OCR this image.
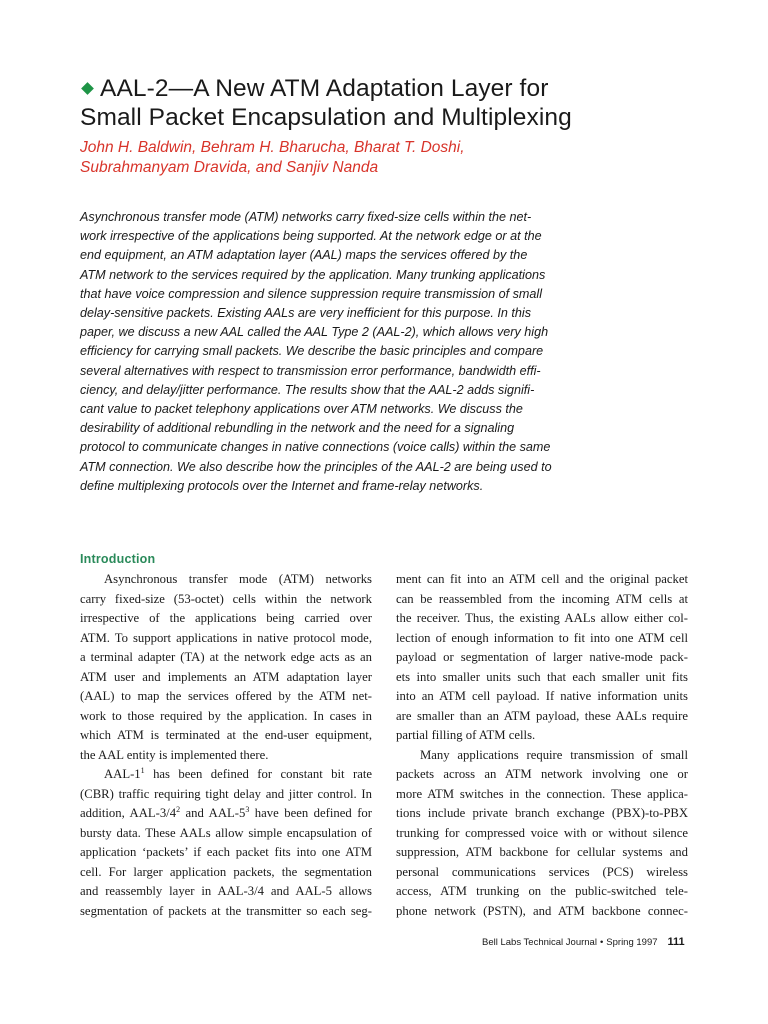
AAL-2—A New ATM Adaptation Layer for
Small Packet Encapsulation and Multiplexing
John H. Baldwin, Behram H. Bharucha, Bharat T. Doshi,
Subrahmanyam Dravida, and Sanjiv Nanda
Asynchronous transfer mode (ATM) networks carry fixed-size cells within the net-
work irrespective of the applications being supported. At the network edge or at the
end equipment, an ATM adaptation layer (AAL) maps the services offered by the
ATM network to the services required by the application. Many trunking applications
that have voice compression and silence suppression require transmission of small
delay-sensitive packets. Existing AALs are very inefficient for this purpose. In this
paper, we discuss a new AAL called the AAL Type 2 (AAL-2), which allows very high
efficiency for carrying small packets. We describe the basic principles and compare
several alternatives with respect to transmission error performance, bandwidth effi-
ciency, and delay/jitter performance. The results show that the AAL-2 adds signifi-
cant value to packet telephony applications over ATM networks. We discuss the
desirability of additional rebundling in the network and the need for a signaling
protocol to communicate changes in native connections (voice calls) within the same
ATM connection. We also describe how the principles of the AAL-2 are being used to
define multiplexing protocols over the Internet and frame-relay networks.
Introduction
Asynchronous transfer mode (ATM) networks
carry fixed-size (53-octet) cells within the network
irrespective of the applications being carried over
ATM. To support applications in native protocol mode,
a terminal adapter (TA) at the network edge acts as an
ATM user and implements an ATM adaptation layer
(AAL) to map the services offered by the ATM net-
work to those required by the application. In cases in
which ATM is terminated at the end-user equipment,
the AAL entity is implemented there.
AAL-$1^1$ has been defined for constant bit rate
(CBR) traffic requiring tight delay and jitter control. In
addition, AAL-$3/4^2$ and AAL-$5^3$ have been defined for
bursty data. These AALs allow simple encapsulation of
application ‘packets’ if each packet fits into one ATM
cell. For larger application packets, the segmentation
and reassembly layer in AAL-3/4 and AAL-5 allows
segmentation of packets at the transmitter so each seg-
ment can fit into an ATM cell and the original packet
can be reassembled from the incoming ATM cells at
the receiver. Thus, the existing AALs allow either col-
lection of enough information to fit into one ATM cell
payload or segmentation of larger native-mode pack-
ets into smaller units such that each smaller unit fits
into an ATM cell payload. If native information units
are smaller than an ATM payload, these AALs require
partial filling of ATM cells.
Many applications require transmission of small
packets across an ATM network involving one or
more ATM switches in the connection. These applica-
tions include private branch exchange (PBX)-to-PBX
trunking for compressed voice with or without silence
suppression, ATM backbone for cellular systems and
personal communications services (PCS) wireless
access, ATM trunking on the public-switched tele-
phone network (PSTN), and ATM backbone connec-
Bell Labs Technical Journal • Spring 1997 111
